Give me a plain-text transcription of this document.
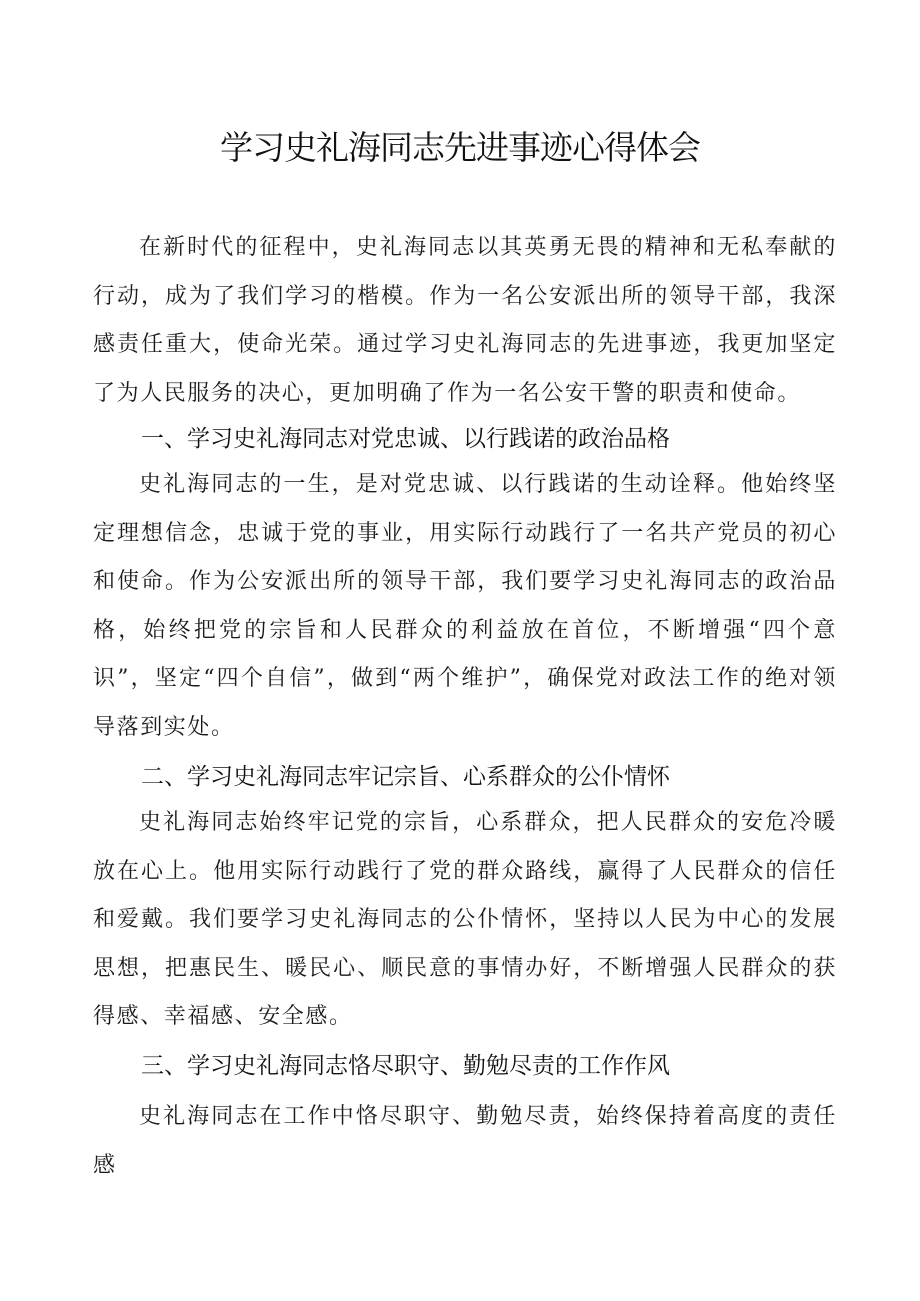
学习史礼海同志先进事迹心得体会

在新时代的征程中，史礼海同志以其英勇无畏的精神和无私奉献的行动，成为了我们学习的楷模。作为一名公安派出所的领导干部，我深感责任重大，使命光荣。通过学习史礼海同志的先进事迹，我更加坚定了为人民服务的决心，更加明确了作为一名公安干警的职责和使命。

一、学习史礼海同志对党忠诚、以行践诺的政治品格

史礼海同志的一生，是对党忠诚、以行践诺的生动诠释。他始终坚定理想信念，忠诚于党的事业，用实际行动践行了一名共产党员的初心和使命。作为公安派出所的领导干部，我们要学习史礼海同志的政治品格，始终把党的宗旨和人民群众的利益放在首位，不断增强“四个意识”，坚定“四个自信”，做到“两个维护”，确保党对政法工作的绝对领导落到实处。

二、学习史礼海同志牢记宗旨、心系群众的公仆情怀

史礼海同志始终牢记党的宗旨，心系群众，把人民群众的安危冷暖放在心上。他用实际行动践行了党的群众路线，赢得了人民群众的信任和爱戴。我们要学习史礼海同志的公仆情怀，坚持以人民为中心的发展思想，把惠民生、暖民心、顺民意的事情办好，不断增强人民群众的获得感、幸福感、安全感。

三、学习史礼海同志恪尽职守、勤勉尽责的工作作风

史礼海同志在工作中恪尽职守、勤勉尽责，始终保持着高度的责任感
